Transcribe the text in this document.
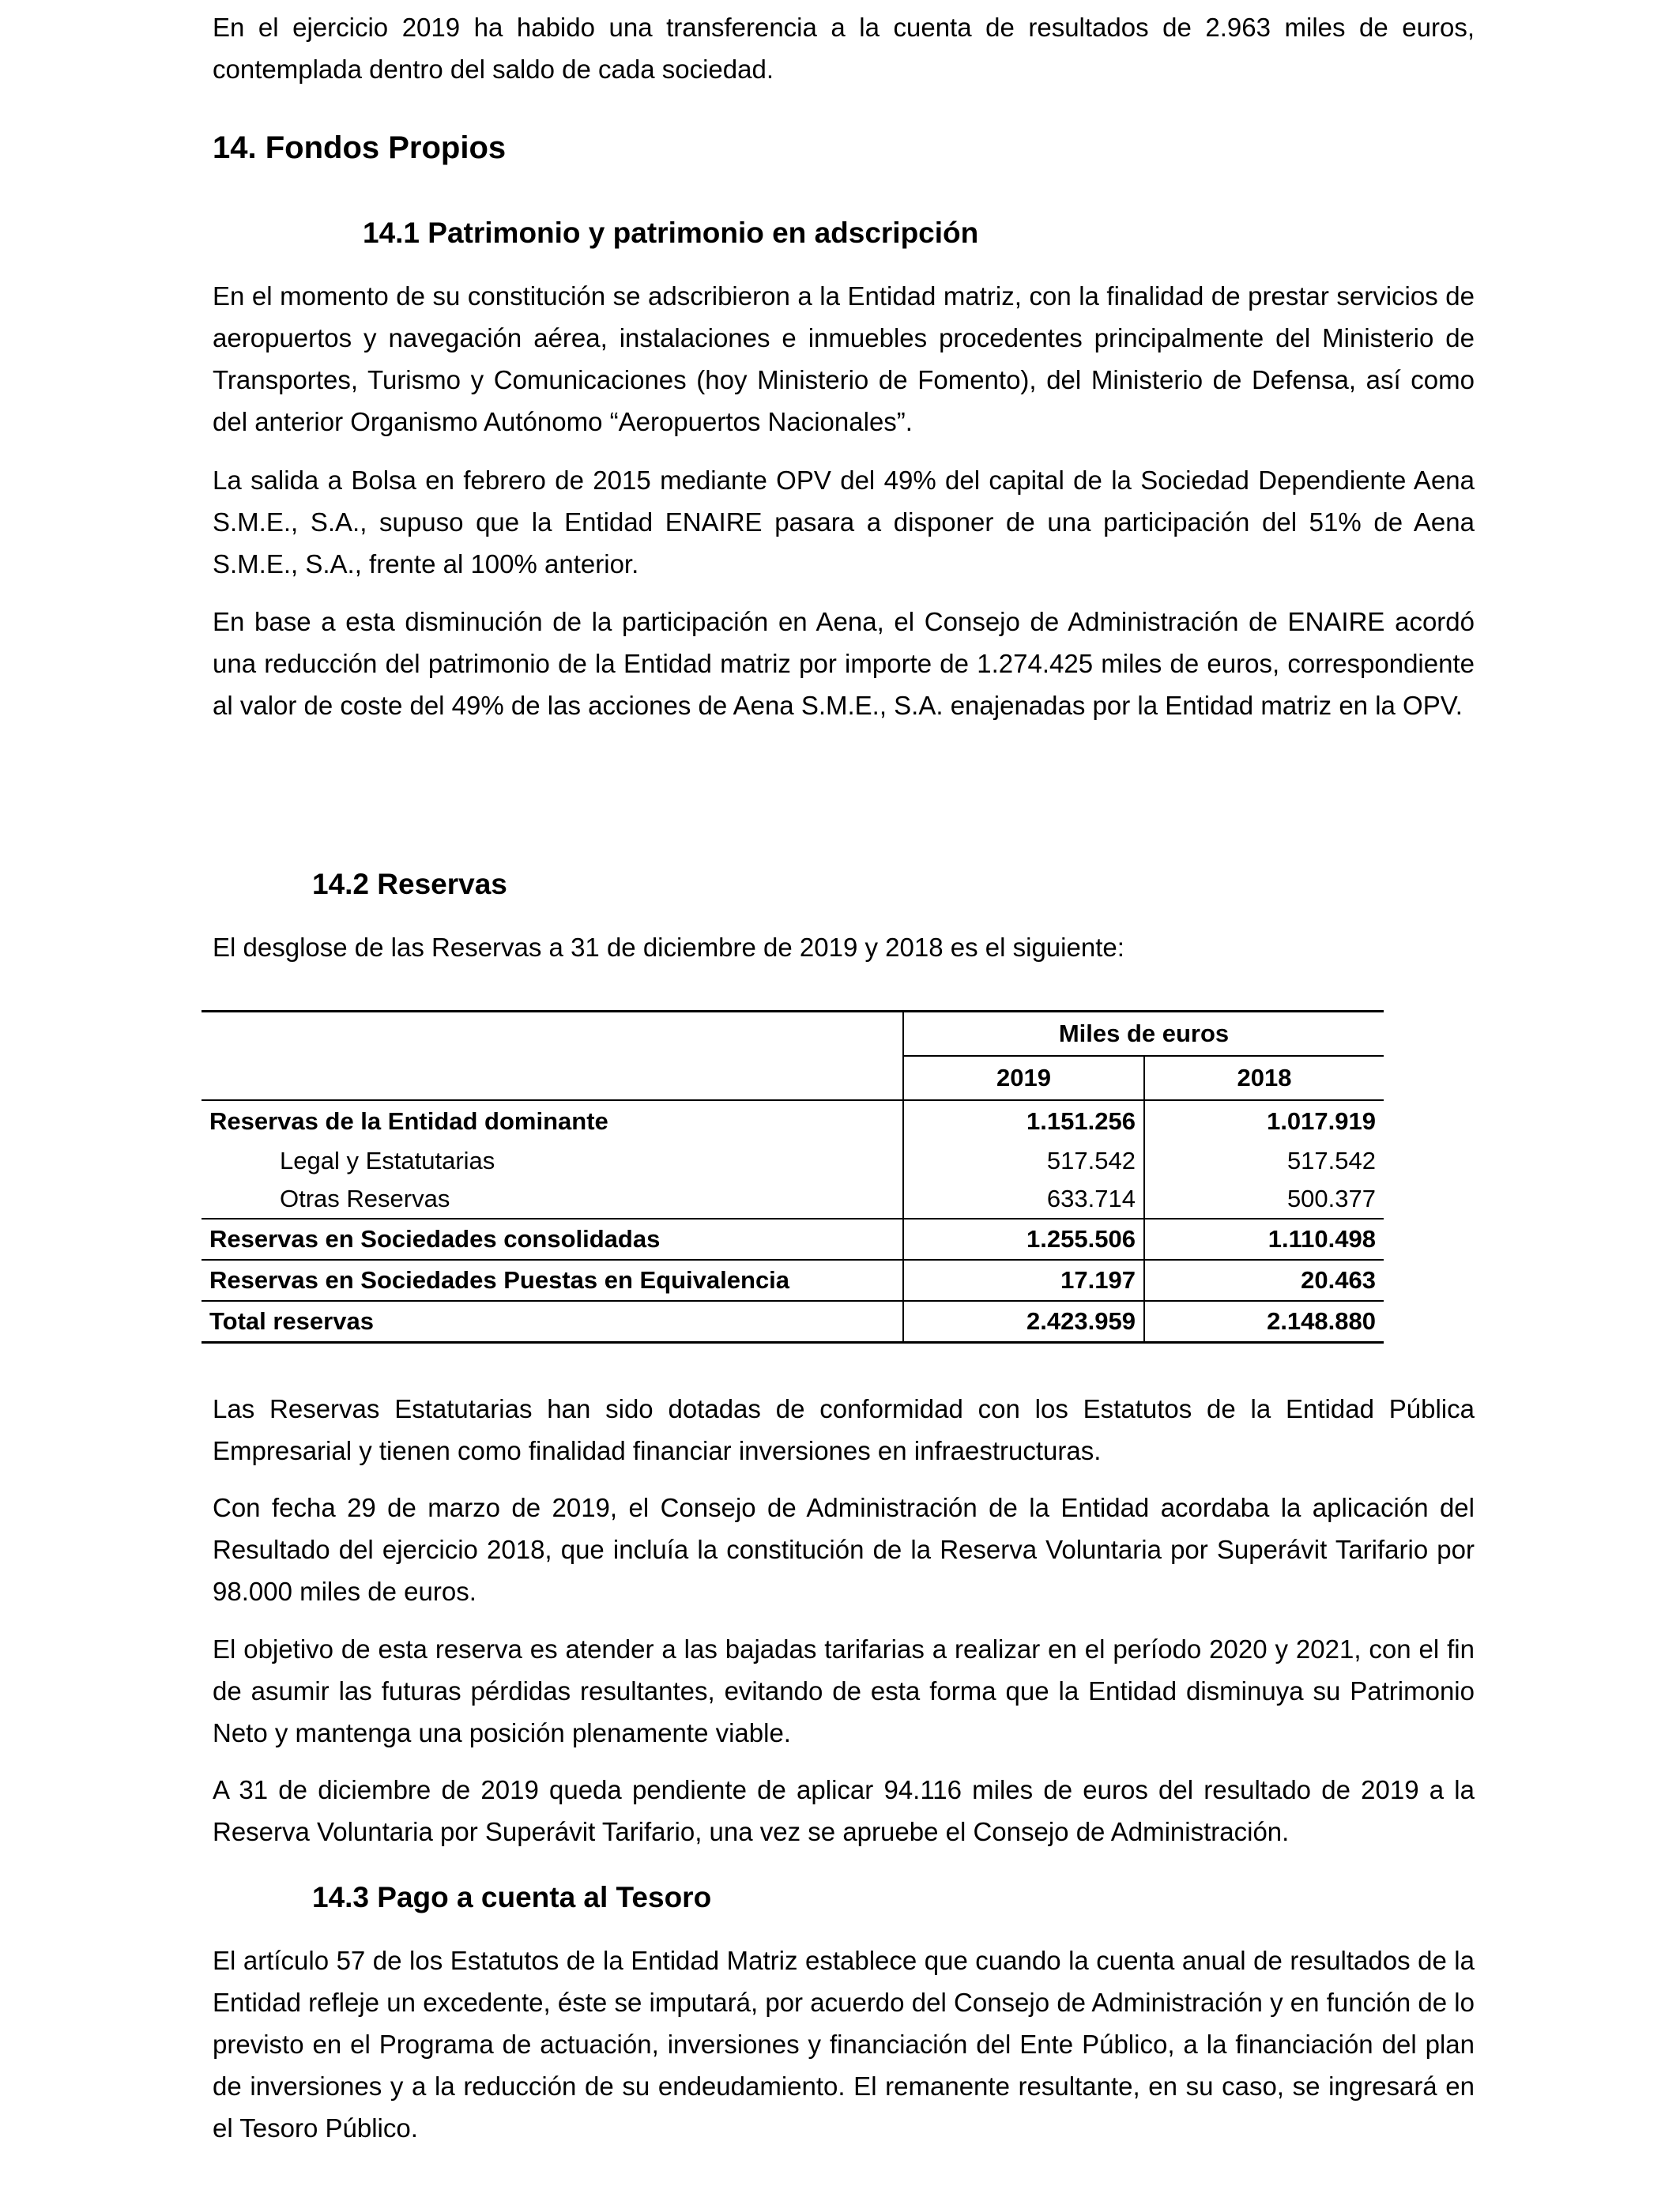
En el ejercicio 2019 ha habido una transferencia a la cuenta de resultados de 2.963 miles de euros, contemplada dentro del saldo de cada sociedad.

14. Fondos Propios
14.1 Patrimonio y patrimonio en adscripción

En el momento de su constitución se adscribieron a la Entidad matriz, con la finalidad de prestar servicios de aeropuertos y navegación aérea, instalaciones e inmuebles procedentes principalmente del Ministerio de Transportes, Turismo y Comunicaciones (hoy Ministerio de Fomento), del Ministerio de Defensa, así como del anterior Organismo Autónomo “Aeropuertos Nacionales”.

La salida a Bolsa en febrero de 2015 mediante OPV del 49% del capital de la Sociedad Dependiente Aena S.M.E., S.A., supuso que la Entidad ENAIRE pasara a disponer de una participación del 51% de Aena S.M.E., S.A., frente al 100% anterior.

En base a esta disminución de la participación en Aena, el Consejo de Administración de ENAIRE acordó una reducción del patrimonio de la Entidad matriz por importe de 1.274.425 miles de euros, correspondiente al valor de coste del 49% de las acciones de Aena S.M.E., S.A. enajenadas por la Entidad matriz en la OPV.

14.2 Reservas

El desglose de las Reservas a 31 de diciembre de 2019 y 2018 es el siguiente:

	Miles de euros	
	2019	2018
Reservas de la Entidad dominante	1.151.256	1.017.919
Legal y Estatutarias	517.542	517.542
Otras Reservas	633.714	500.377
Reservas en Sociedades consolidadas	1.255.506	1.110.498
Reservas en Sociedades Puestas en Equivalencia	17.197	20.463
Total reservas	2.423.959	2.148.880

Las Reservas Estatutarias han sido dotadas de conformidad con los Estatutos de la Entidad Pública Empresarial y tienen como finalidad financiar inversiones en infraestructuras.

Con fecha 29 de marzo de 2019, el Consejo de Administración de la Entidad acordaba la aplicación del Resultado del ejercicio 2018, que incluía la constitución de la Reserva Voluntaria por Superávit Tarifario por 98.000 miles de euros.

El objetivo de esta reserva es atender a las bajadas tarifarias a realizar en el período 2020 y 2021, con el fin de asumir las futuras pérdidas resultantes, evitando de esta forma que la Entidad disminuya su Patrimonio Neto y mantenga una posición plenamente viable.

A 31 de diciembre de 2019 queda pendiente de aplicar 94.116 miles de euros del resultado de 2019 a la Reserva Voluntaria por Superávit Tarifario, una vez se apruebe el Consejo de Administración.

14.3 Pago a cuenta al Tesoro

El artículo 57 de los Estatutos de la Entidad Matriz establece que cuando la cuenta anual de resultados de la Entidad refleje un excedente, éste se imputará, por acuerdo del Consejo de Administración y en función de lo previsto en el Programa de actuación, inversiones y financiación del Ente Público, a la financiación del plan de inversiones y a la reducción de su endeudamiento. El remanente resultante, en su caso, se ingresará en el Tesoro Público.
